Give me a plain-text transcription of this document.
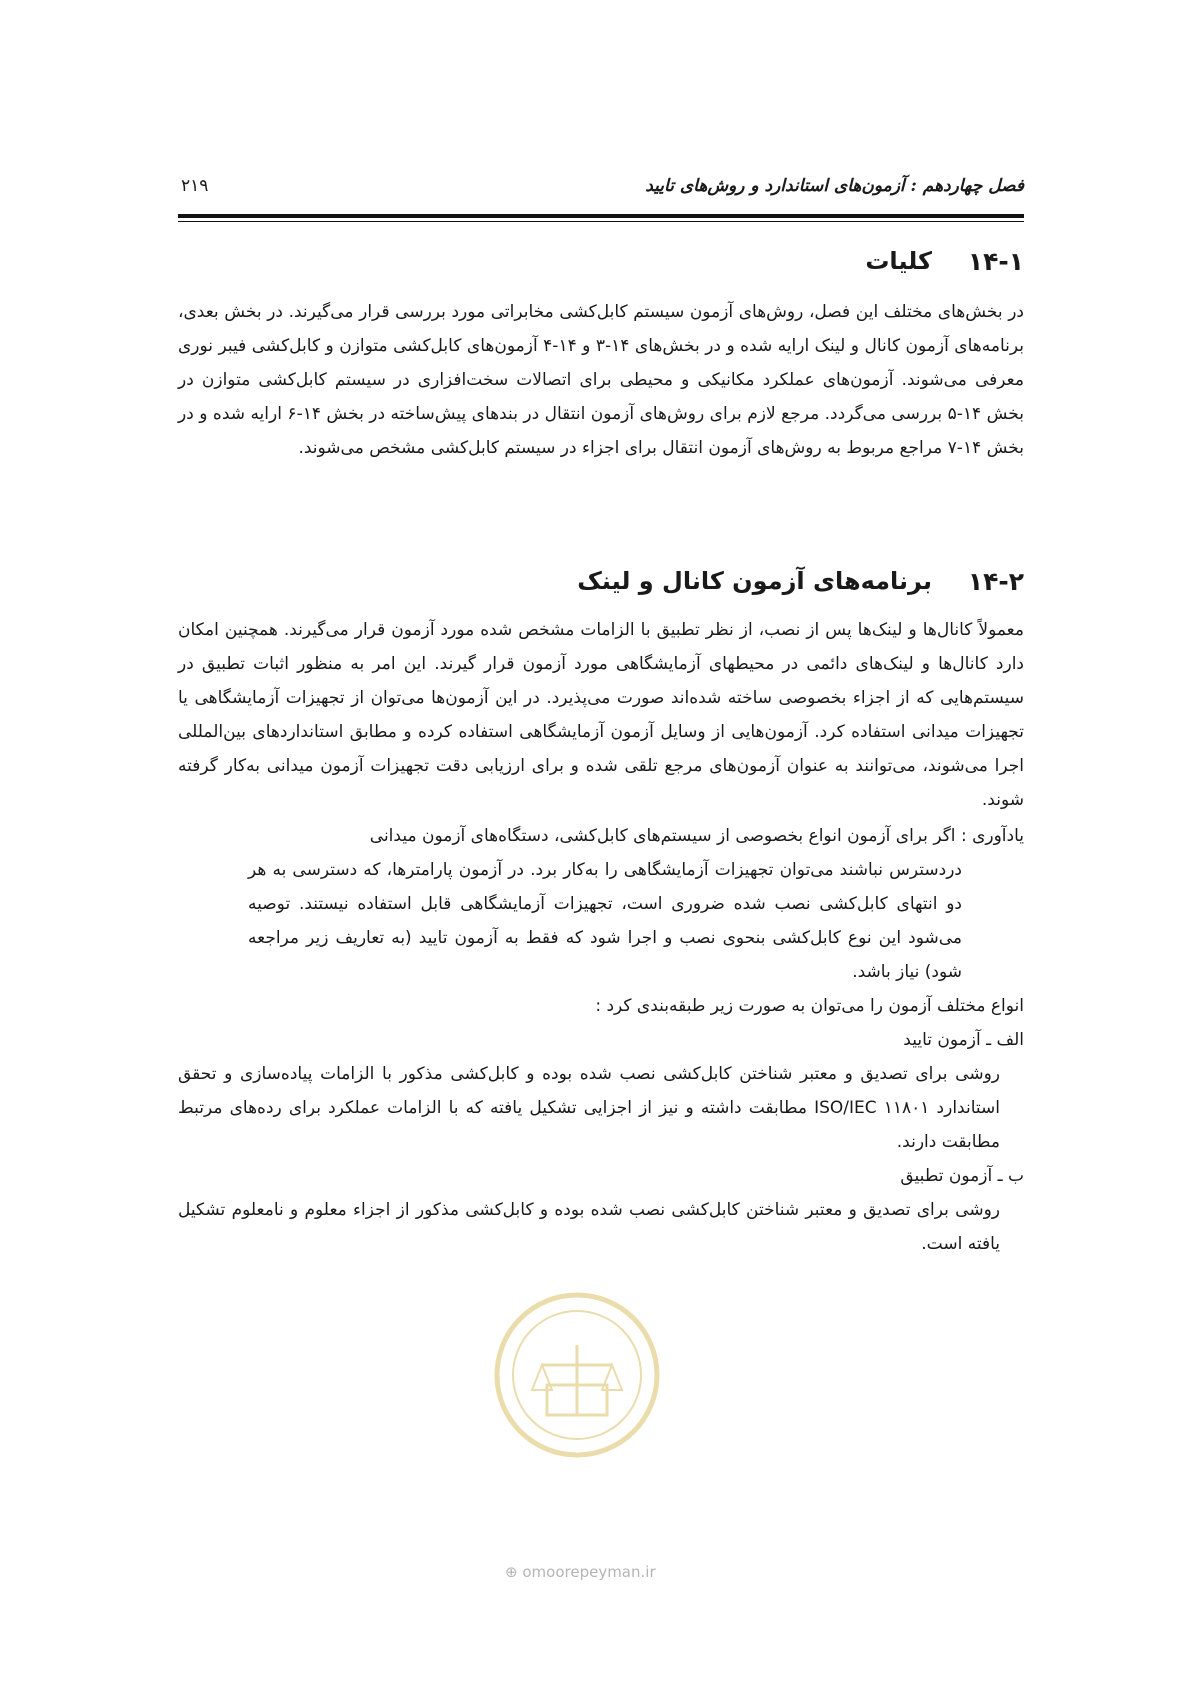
فصل چهاردهم : آزمون‌های استاندارد و روش‌های تایید
۲۱۹
۱۴-۱
کلیات
در بخش‌های مختلف این فصل، روش‌های آزمون سیستم کابل‌کشی مخابراتی مورد بررسی قرار می‌گیرند. در بخش بعدی، برنامه‌های آزمون کانال و لینک ارایه شده و در بخش‌های ۱۴-۳ و ۱۴-۴ آزمون‌های کابل‌کشی متوازن و کابل‌کشی فیبر نوری معرفی می‌شوند. آزمون‌های عملکرد مکانیکی و محیطی برای اتصالات سخت‌افزاری در سیستم کابل‌کشی متوازن در بخش ۱۴-۵ بررسی می‌گردد. مرجع لازم برای روش‌های آزمون انتقال در بندهای پیش‌ساخته در بخش ۱۴-۶ ارایه شده و در بخش ۱۴-۷ مراجع مربوط به روش‌های آزمون انتقال برای اجزاء در سیستم کابل‌کشی مشخص می‌شوند.
۱۴-۲
برنامه‌های آزمون کانال و لینک
معمولاً کانال‌ها و لینک‌ها پس از نصب، از نظر تطبیق با الزامات مشخص شده مورد آزمون قرار می‌گیرند. همچنین امکان دارد کانال‌ها و لینک‌های دائمی در محیطهای آزمایشگاهی مورد آزمون قرار گیرند. این امر به منظور اثبات تطبیق در سیستم‌هایی که از اجزاء بخصوصی ساخته شده‌اند صورت می‌پذیرد. در این آزمون‌ها می‌توان از تجهیزات آزمایشگاهی یا تجهیزات میدانی استفاده کرد. آزمون‌هایی از وسایل آزمون آزمایشگاهی استفاده کرده و مطابق استانداردهای بین‌المللی اجرا می‌شوند، می‌توانند به عنوان آزمون‌های مرجع تلقی شده و برای ارزیابی دقت تجهیزات آزمون میدانی به‌کار گرفته شوند.
یادآوری : اگر برای آزمون انواع بخصوصی از سیستم‌های کابل‌کشی، دستگاه‌های آزمون میدانی
دردسترس نباشند می‌توان تجهیزات آزمایشگاهی را به‌کار برد. در آزمون پارامترها، که دسترسی به هر دو انتهای کابل‌کشی نصب شده ضروری است، تجهیزات آزمایشگاهی قابل استفاده نیستند. توصیه می‌شود این نوع کابل‌کشی بنحوی نصب و اجرا شود که فقط به آزمون تایید (به تعاریف زیر مراجعه شود) نیاز باشد.
انواع مختلف آزمون را می‌توان به صورت زیر طبقه‌بندی کرد :
الف ـ آزمون تایید
روشی برای تصدیق و معتبر شناختن کابل‌کشی نصب شده بوده و کابل‌کشی مذکور با الزامات پیاده‌سازی و تحقق استاندارد ISO/IEC ۱۱۸۰۱ مطابقت داشته و نیز از اجزایی تشکیل یافته که با الزامات عملکرد برای رده‌های مرتبط مطابقت دارند.
ب ـ آزمون تطبیق
روشی برای تصدیق و معتبر شناختن کابل‌کشی نصب شده بوده و کابل‌کشی مذکور از اجزاء معلوم و نامعلوم تشکیل یافته است.
⊕ omoorepeyman.ir
